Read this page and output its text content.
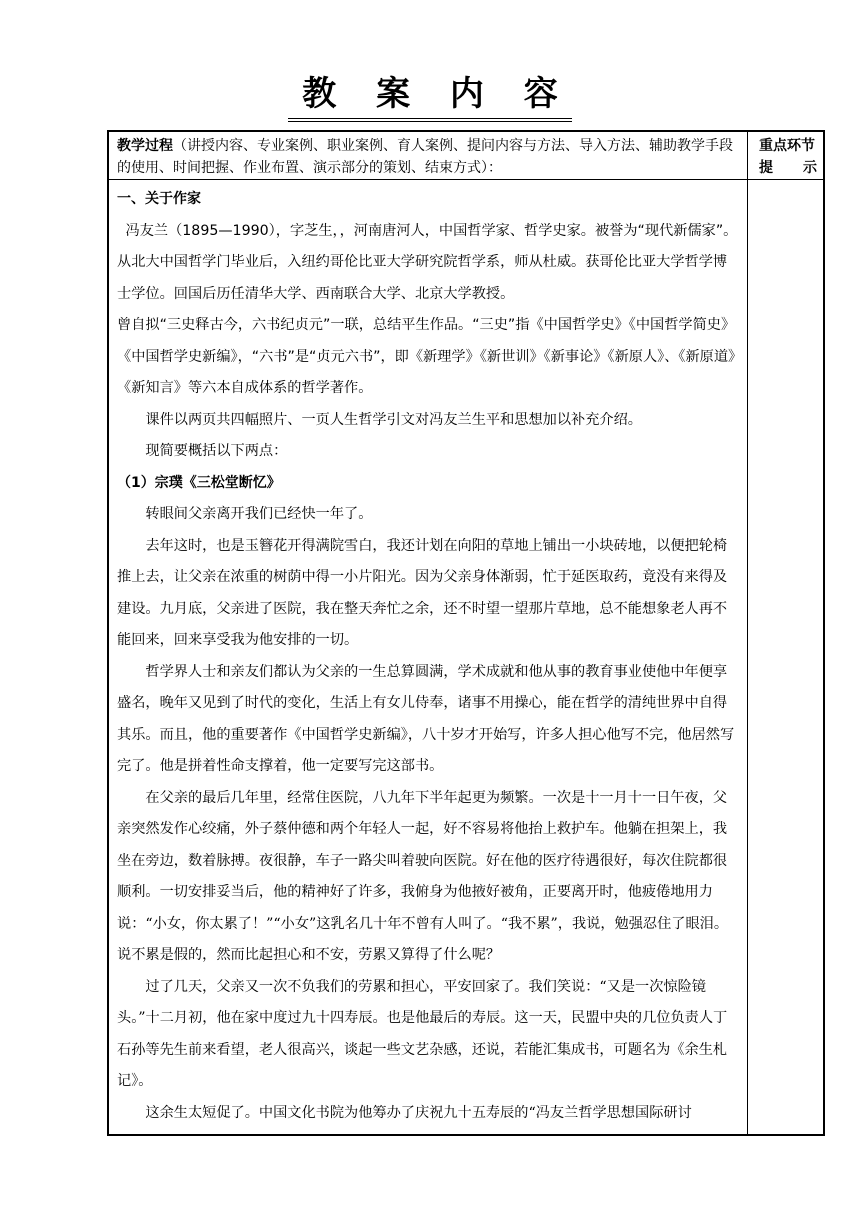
教 案 内 容
教学过程（讲授内容、专业案例、职业案例、育人案例、提问内容与方法、导入方法、辅助教学手段的使用、时间把握、作业布置、演示部分的策划、结束方式）：
重点环节
提 示

一、关于作家

冯友兰（1895—1990），字芝生，，河南唐河人，中国哲学家、哲学史家。被誉为“现代新儒家”。从北大中国哲学门毕业后，入纽约哥伦比亚大学研究院哲学系，师从杜威。获哥伦比亚大学哲学博士学位。回国后历任清华大学、西南联合大学、北京大学教授。

曾自拟“三史释古今，六书纪贞元”一联，总结平生作品。“三史”指《中国哲学史》《中国哲学简史》《中国哲学史新编》，“六书”是“贞元六书”，即《新理学》《新世训》《新事论》《新原人》、《新原道》《新知言》等六本自成体系的哲学著作。

课件以两页共四幅照片、一页人生哲学引文对冯友兰生平和思想加以补充介绍。

现简要概括以下两点：

（1）宗璞《三松堂断忆》

转眼间父亲离开我们已经快一年了。

去年这时，也是玉簪花开得满院雪白，我还计划在向阳的草地上铺出一小块砖地，以便把轮椅推上去，让父亲在浓重的树荫中得一小片阳光。因为父亲身体渐弱，忙于延医取药，竟没有来得及建设。九月底，父亲进了医院，我在整天奔忙之余，还不时望一望那片草地，总不能想象老人再不能回来，回来享受我为他安排的一切。

哲学界人士和亲友们都认为父亲的一生总算圆满，学术成就和他从事的教育事业使他中年便享盛名，晚年又见到了时代的变化，生活上有女儿侍奉，诸事不用操心，能在哲学的清纯世界中自得其乐。而且，他的重要著作《中国哲学史新编》，八十岁才开始写，许多人担心他写不完，他居然写完了。他是拼着性命支撑着，他一定要写完这部书。

在父亲的最后几年里，经常住医院，八九年下半年起更为频繁。一次是十一月十一日午夜，父亲突然发作心绞痛，外子蔡仲德和两个年轻人一起，好不容易将他抬上救护车。他躺在担架上，我坐在旁边，数着脉搏。夜很静，车子一路尖叫着驶向医院。好在他的医疗待遇很好，每次住院都很顺利。一切安排妥当后，他的精神好了许多，我俯身为他掖好被角，正要离开时，他疲倦地用力说：“小女，你太累了！”“小女”这乳名几十年不曾有人叫了。“我不累”，我说，勉强忍住了眼泪。说不累是假的，然而比起担心和不安，劳累又算得了什么呢？

过了几天，父亲又一次不负我们的劳累和担心，平安回家了。我们笑说：“又是一次惊险镜头。”十二月初，他在家中度过九十四寿辰。也是他最后的寿辰。这一天，民盟中央的几位负责人丁石孙等先生前来看望，老人很高兴，谈起一些文艺杂感，还说，若能汇集成书，可题名为《余生札记》。

这余生太短促了。中国文化书院为他筹办了庆祝九十五寿辰的“冯友兰哲学思想国际研讨
